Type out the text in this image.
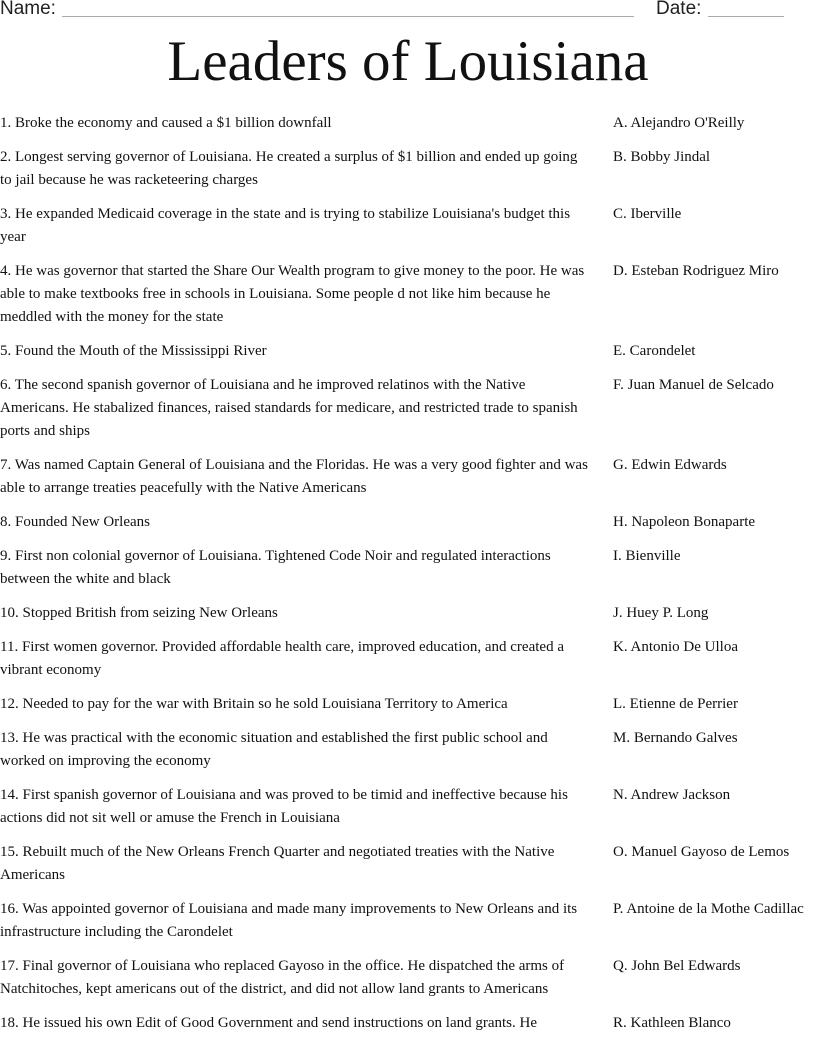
Name:	Date:
Leaders of Louisiana
1. Broke the economy and caused a $1 billion downfall	A. Alejandro O'Reilly
2. Longest serving governor of Louisiana. He created a surplus of $1 billion and ended up going to jail because he was racketeering charges
B. Bobby Jindal
3. He expanded Medicaid coverage in the state and is trying to stabilize Louisiana's budget this year
C. Iberville
4. He was governor that started the Share Our Wealth program to give money to the poor. He was able to make textbooks free in schools in Louisiana. Some people d not like him because he meddled with the money for the state
D. Esteban Rodriguez Miro
5. Found the Mouth of the Mississippi River	E. Carondelet
6. The second spanish governor of Louisiana and he improved relatinos with the Native Americans. He stabalized finances, raised standards for medicare, and restricted trade to spanish ports and ships
F. Juan Manuel de Selcado
7. Was named Captain General of Louisiana and the Floridas. He was a very good fighter and was able to arrange treaties peacefully with the Native Americans
G. Edwin Edwards
8. Founded New Orleans	H. Napoleon Bonaparte
9. First non colonial governor of Louisiana. Tightened Code Noir and regulated interactions between the white and black
I. Bienville
10. Stopped British from seizing New Orleans	J. Huey P. Long
11. First women governor. Provided affordable health care, improved education, and created a vibrant economy
K. Antonio De Ulloa
12. Needed to pay for the war with Britain so he sold Louisiana Territory to America	L. Etienne de Perrier
13. He was practical with the economic situation and established the first public school and worked on improving the economy
M. Bernando Galves
14. First spanish governor of Louisiana and was proved to be timid and ineffective because his actions did not sit well or amuse the French in Louisiana
N. Andrew Jackson
15. Rebuilt much of the New Orleans French Quarter and negotiated treaties with the Native Americans
O. Manuel Gayoso de Lemos
16. Was appointed governor of Louisiana and made many improvements to New Orleans and its infrastructure including the Carondelet
P. Antoine de la Mothe Cadillac
17. Final governor of Louisiana who replaced Gayoso in the office. He dispatched the arms of Natchitoches, kept americans out of the district, and did not allow land grants to Americans
Q. John Bel Edwards
18. He issued his own Edit of Good Government and send instructions on land grants. He	R. Kathleen Blanco
